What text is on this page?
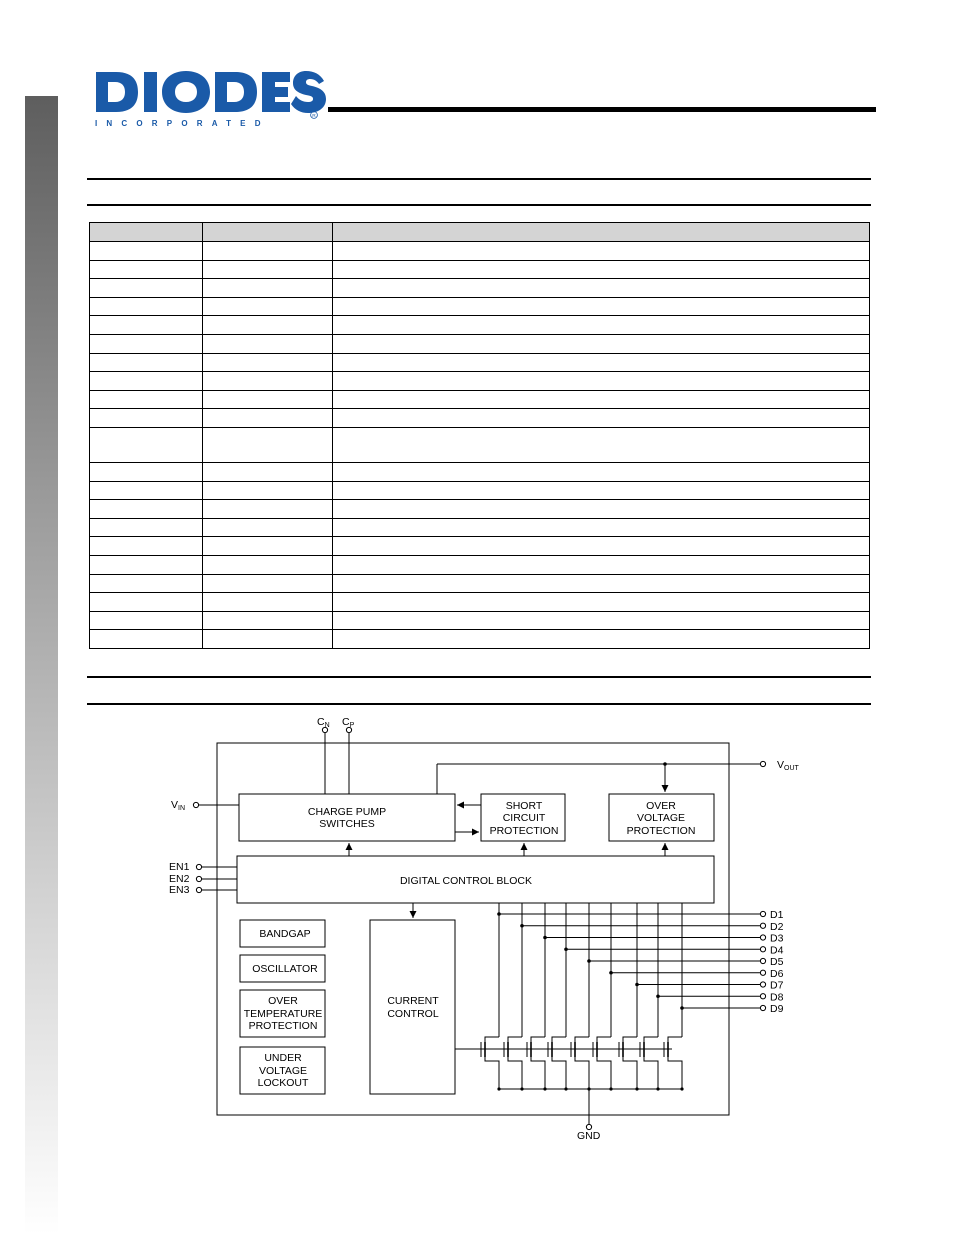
INCORPORATED
R

D1
D2
D3
D4
D5
D6
D7
D8
D9
CN CP
VIN
VOUT
EN1
EN2
EN3
GND
CHARGE PUMP
SWITCHES
SHORT
CIRCUIT
PROTECTION
OVER
VOLTAGE
PROTECTION
DIGITAL CONTROL BLOCK
BANDGAP
OSCILLATOR
OVER
TEMPERATURE
PROTECTION
UNDER
VOLTAGE
LOCKOUT
CURRENT
CONTROL
